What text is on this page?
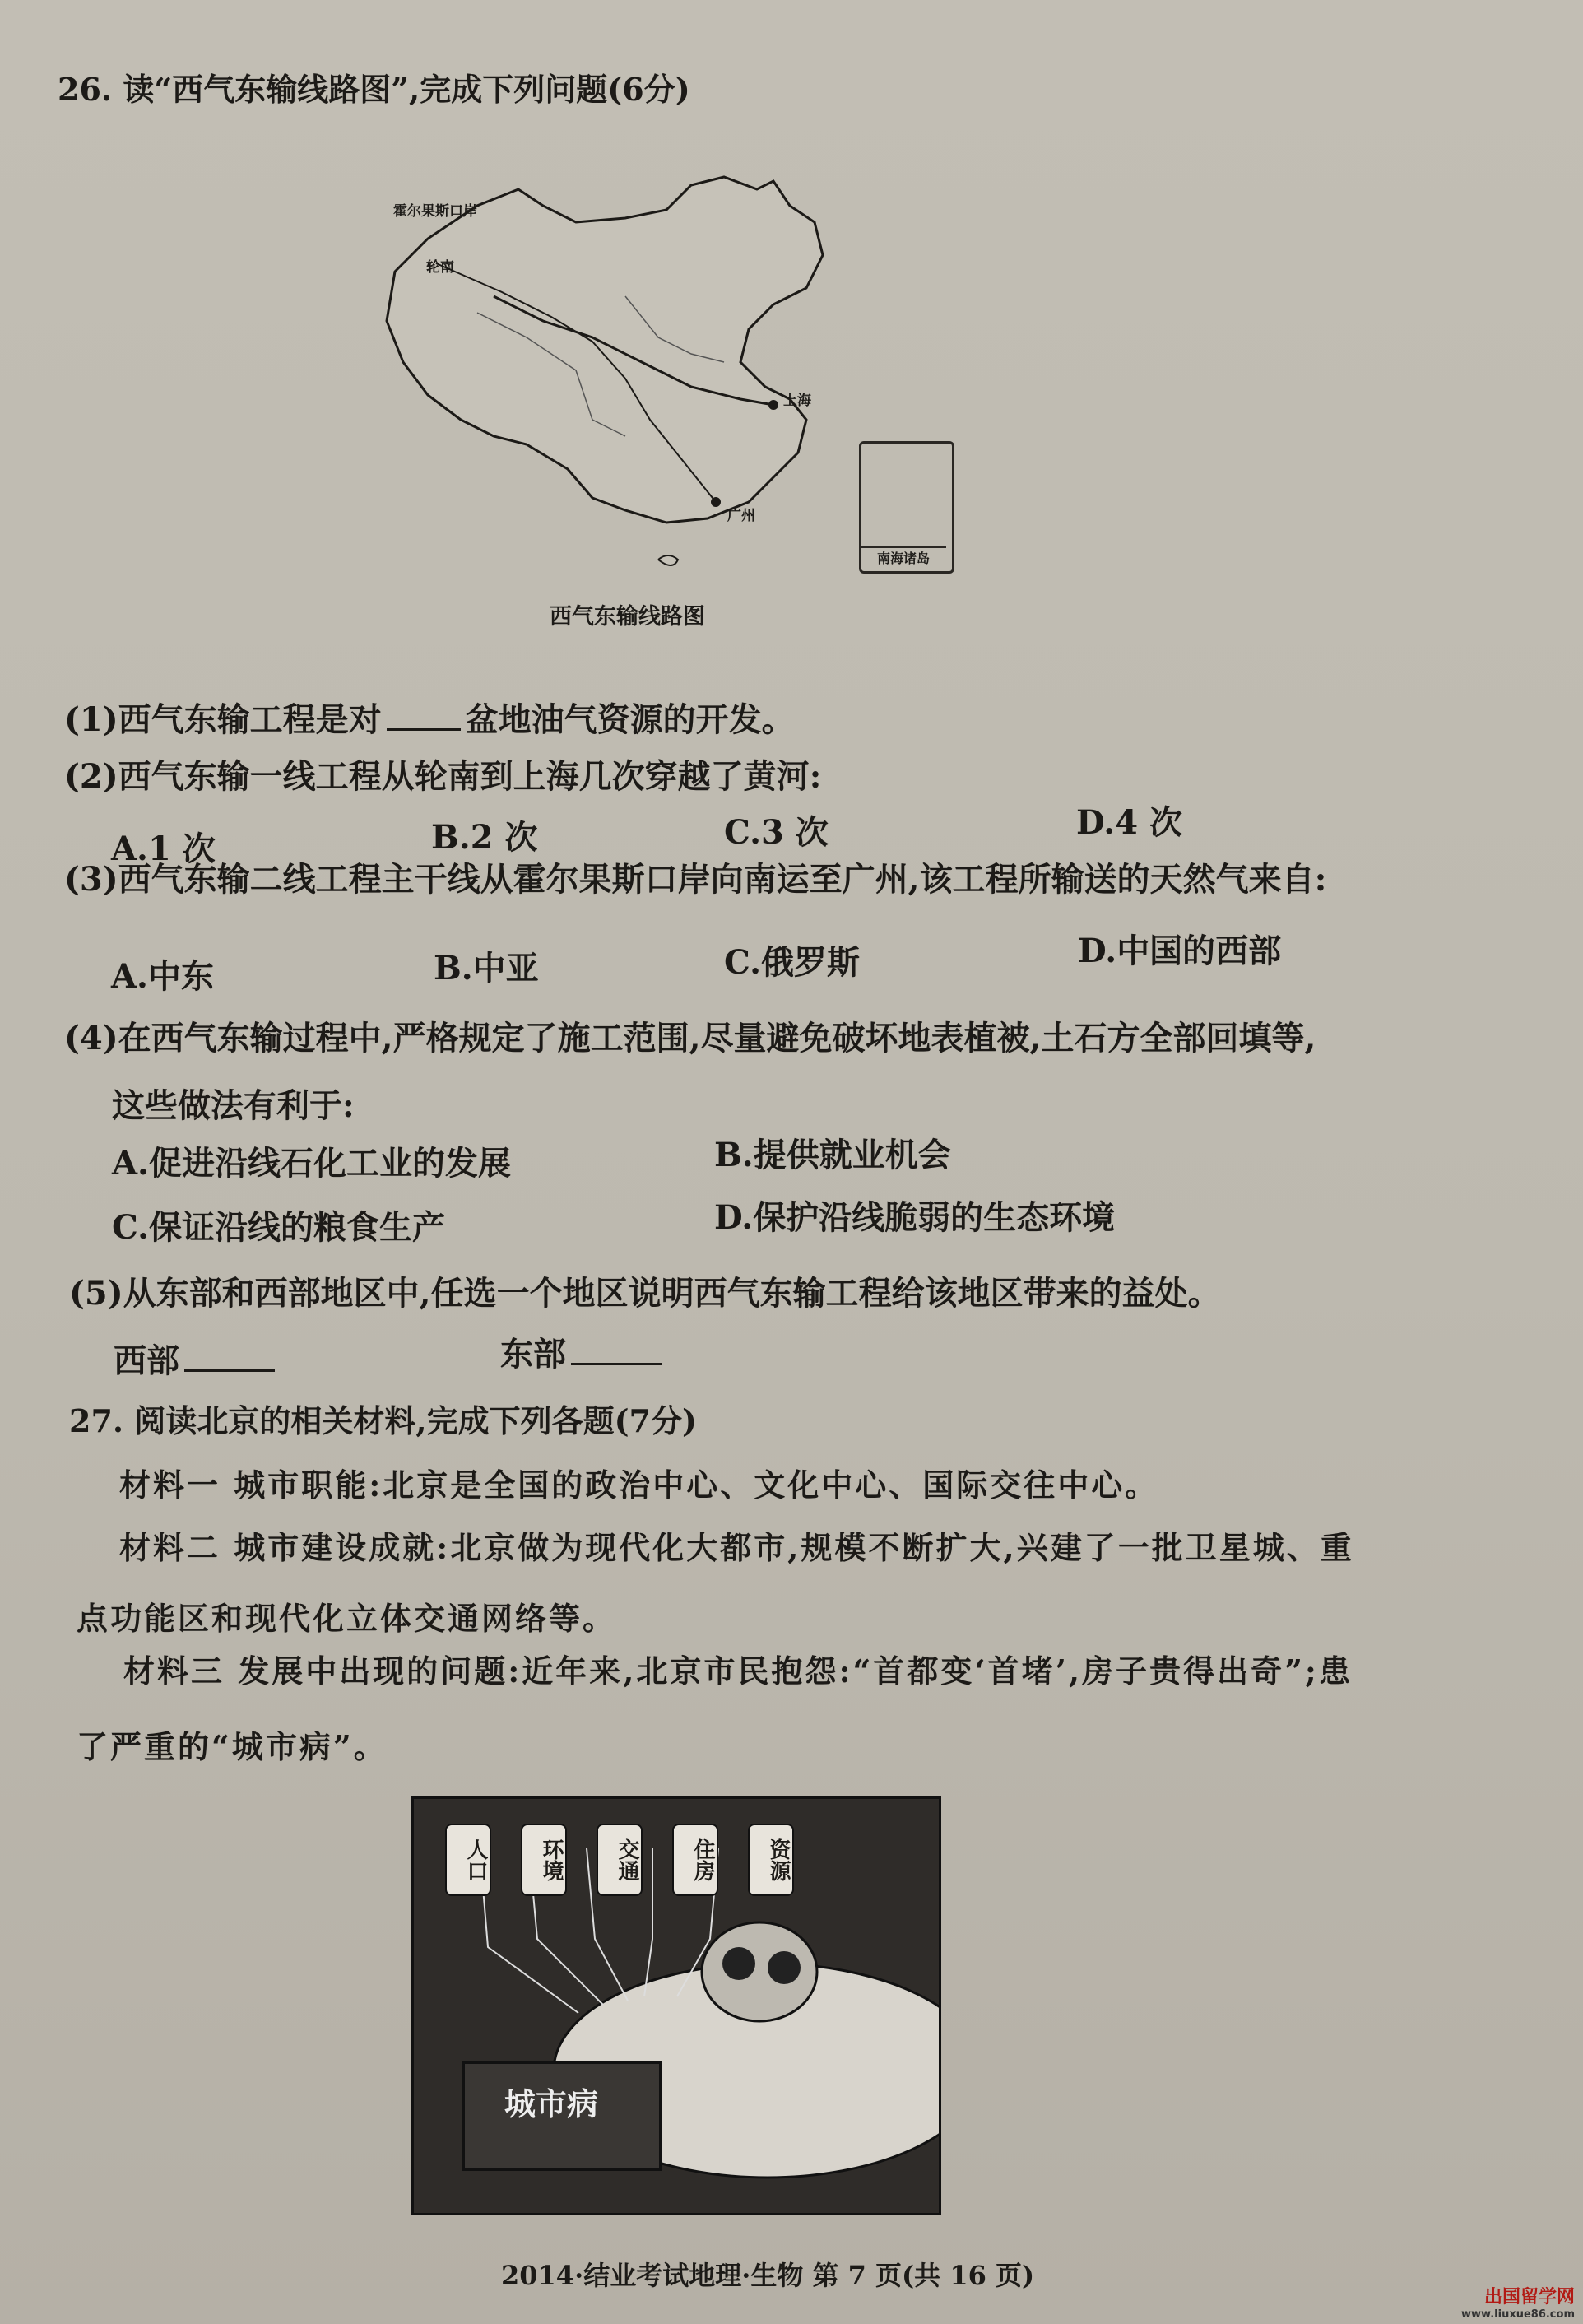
26. 读“西气东输线路图”,完成下列问题(6分)
霍尔果斯口岸
轮南
上海
广州
南海诸岛
西气东输线路图
(1)西气东输工程是对	盆地油气资源的开发。
(2)西气东输一线工程从轮南到上海几次穿越了黄河:
A.1 次	B.2 次	C.3 次	D.4 次
(3)西气东输二线工程主干线从霍尔果斯口岸向南运至广州,该工程所输送的天然气来自:
A.中东	B.中亚	C.俄罗斯	D.中国的西部
(4)在西气东输过程中,严格规定了施工范围,尽量避免破坏地表植被,土石方全部回填等,
这些做法有利于:
A.促进沿线石化工业的发展	B.提供就业机会
C.保证沿线的粮食生产	D.保护沿线脆弱的生态环境
(5)从东部和西部地区中,任选一个地区说明西气东输工程给该地区带来的益处。
西部	东部
27. 阅读北京的相关材料,完成下列各题(7分)
材料一 城市职能:北京是全国的政治中心、文化中心、国际交往中心。
材料二 城市建设成就:北京做为现代化大都市,规模不断扩大,兴建了一批卫星城、重
点功能区和现代化立体交通网络等。
材料三 发展中出现的问题:近年来,北京市民抱怨:“首都变‘首堵’,房子贵得出奇”;患
了严重的“城市病”。
人口	环境	交通	住房	资源
城市病
2014·结业考试地理·生物 第 7 页(共 16 页)
出国留学网
www.liuxue86.com
